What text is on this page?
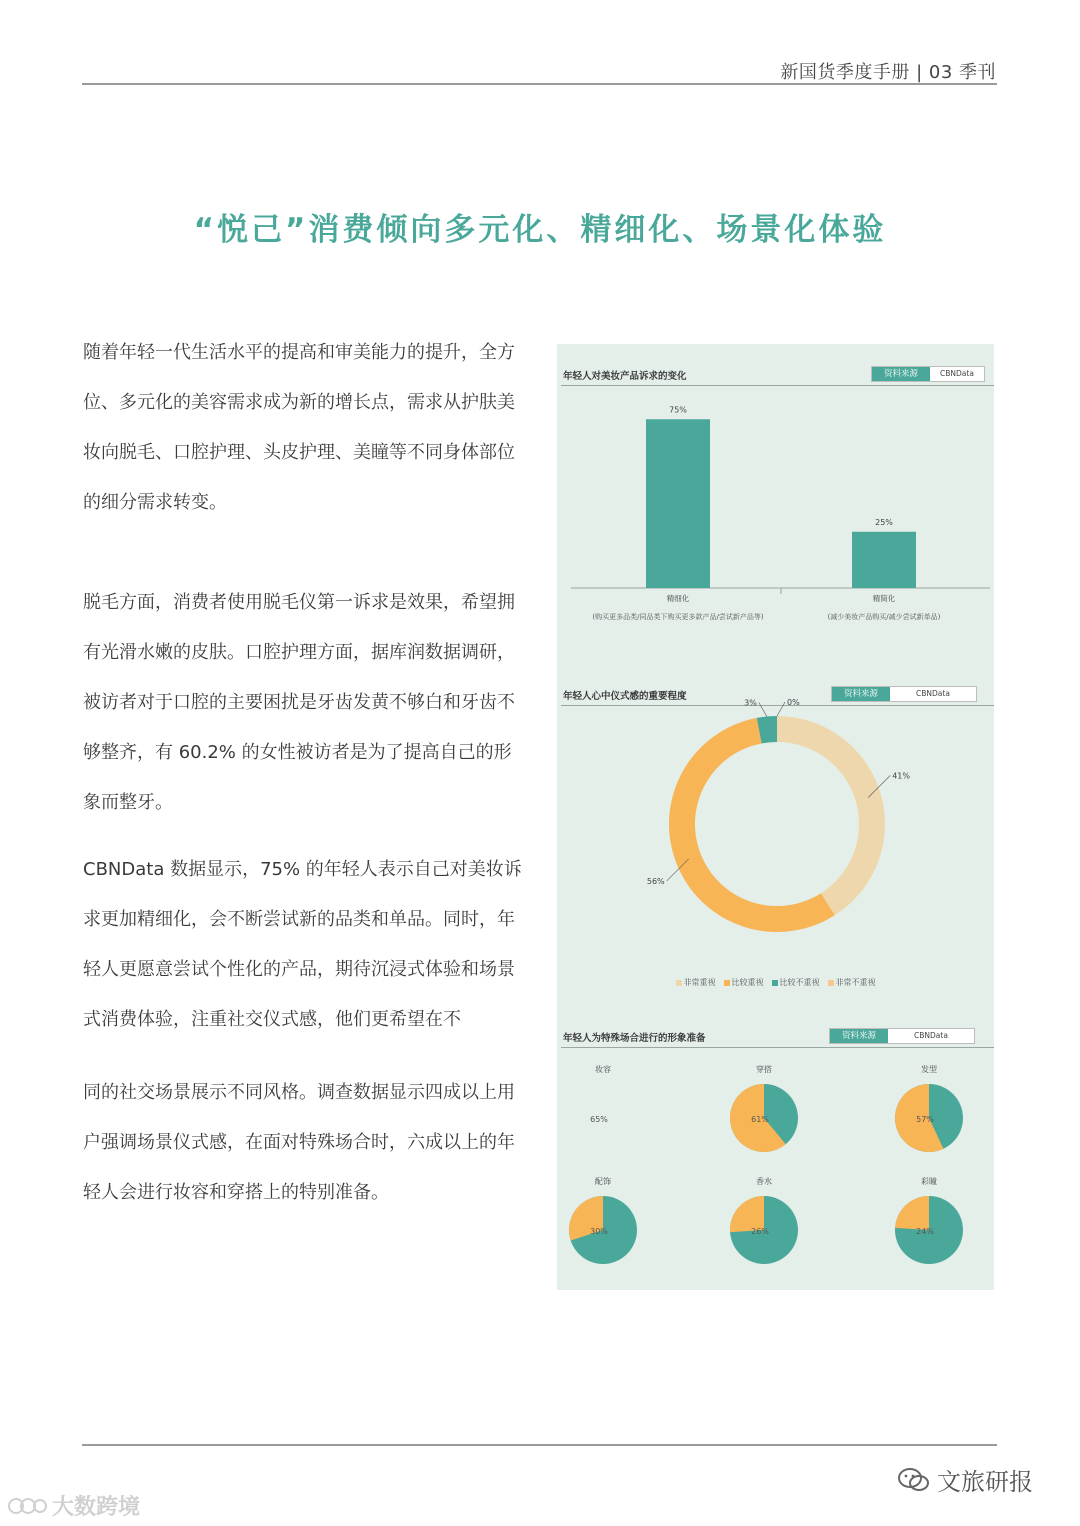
新国货季度手册 | 03 季刊
“悦己”消费倾向多元化、精细化、场景化体验
随着年轻一代生活水平的提高和审美能力的提升，全方位、多元化的美容需求成为新的增长点，需求从护肤美妆向脱毛、口腔护理、头皮护理、美瞳等不同身体部位的细分需求转变。
脱毛方面，消费者使用脱毛仪第一诉求是效果，希望拥有光滑水嫩的皮肤。口腔护理方面，据库润数据调研，被访者对于口腔的主要困扰是牙齿发黄不够白和牙齿不够整齐，有 60.2% 的女性被访者是为了提高自己的形象而整牙。
CBNData 数据显示，75% 的年轻人表示自己对美妆诉求更加精细化，会不断尝试新的品类和单品。同时，年轻人更愿意尝试个性化的产品，期待沉浸式体验和场景式消费体验，注重社交仪式感，他们更希望在不
同的社交场景展示不同风格。调查数据显示四成以上用户强调场景仪式感，在面对特殊场合时，六成以上的年轻人会进行妆容和穿搭上的特别准备。
年轻人对美妆产品诉求的变化	资料来源	CBNData
75%
精细化
(购买更多品类/同品类下购买更多款产品/尝试新产品等)
25%
精简化
(减少美妆产品购买/减少尝试新单品)
年轻人心中仪式感的重要程度	资料来源	CBNData
41%
56%
3%	0%
非常重视 比较重视 比较不重视 非常不重视
年轻人为特殊场合进行的形象准备	资料来源	CBNData
妆容
65%
穿搭
61%
发型
57%
配饰
30%
香水
26%
彩瞳
24%
文旅研报
大数跨境
